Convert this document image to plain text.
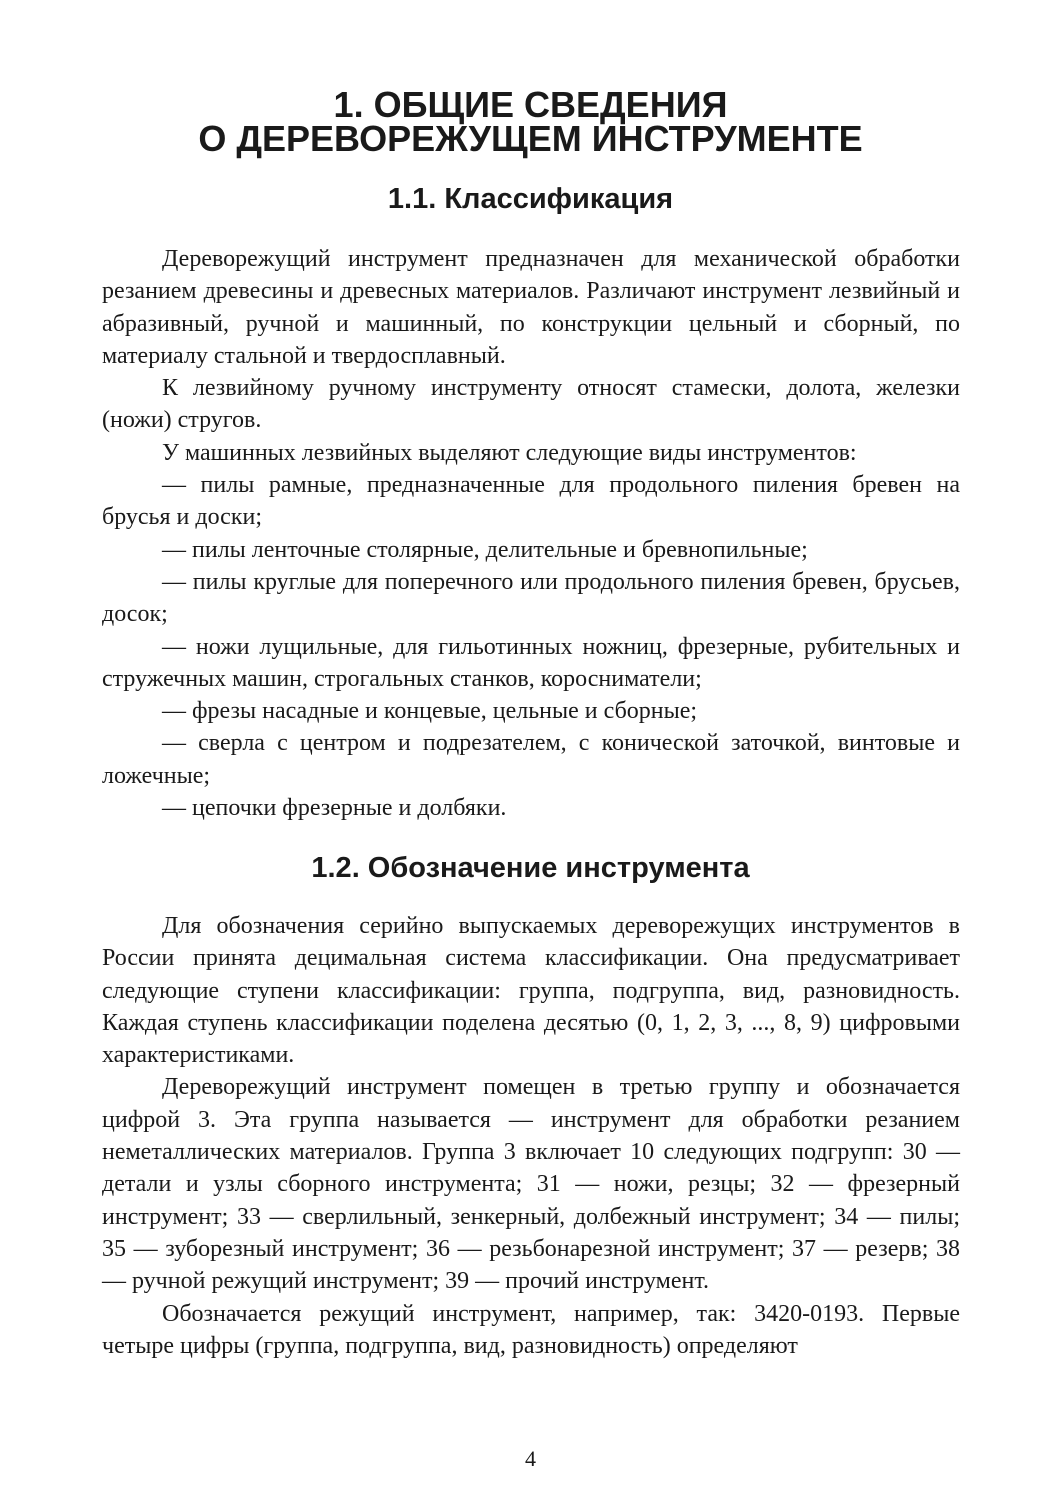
1. ОБЩИЕ СВЕДЕНИЯ
О ДЕРЕВОРЕЖУЩЕМ ИНСТРУМЕНТЕ
1.1. Классификация

Дереворежущий инструмент предназначен для механической обработки резанием древесины и древесных материалов. Различают инструмент лезвийный и абразивный, ручной и машинный, по конструкции цельный и сборный, по материалу стальной и твердосплавный.

К лезвийному ручному инструменту относят стамески, долота, железки (ножи) стругов.

У машинных лезвийных выделяют следующие виды инструментов:

— пилы рамные, предназначенные для продольного пиления бревен на брусья и доски;

— пилы ленточные столярные, делительные и бревнопильные;

— пилы круглые для поперечного или продольного пиления бревен, брусьев, досок;

— ножи лущильные, для гильотинных ножниц, фрезерные, рубительных и стружечных машин, строгальных станков, коросниматели;

— фрезы насадные и концевые, цельные и сборные;

— сверла с центром и подрезателем, с конической заточкой, винтовые и ложечные;

— цепочки фрезерные и долбяки.

1.2. Обозначение инструмента

Для обозначения серийно выпускаемых дереворежущих инструментов в России принята децимальная система классификации. Она предусматривает следующие ступени классификации: группа, подгруппа, вид, разновидность. Каждая ступень классификации поделена десятью (0, 1, 2, 3, ..., 8, 9) цифровыми характеристиками.

Дереворежущий инструмент помещен в третью группу и обозначается цифрой 3. Эта группа называется — инструмент для обработки резанием неметаллических материалов. Группа 3 включает 10 следующих подгрупп: 30 — детали и узлы сборного инструмента; 31 — ножи, резцы; 32 — фрезерный инструмент; 33 — сверлильный, зенкерный, долбежный инструмент; 34 — пилы; 35 — зуборезный инструмент; 36 — резьбонарезной инструмент; 37 — резерв; 38 — ручной режущий инструмент; 39 — прочий инструмент.

Обозначается режущий инструмент, например, так: 3420-0193. Первые четыре цифры (группа, подгруппа, вид, разновидность) определяют

4
